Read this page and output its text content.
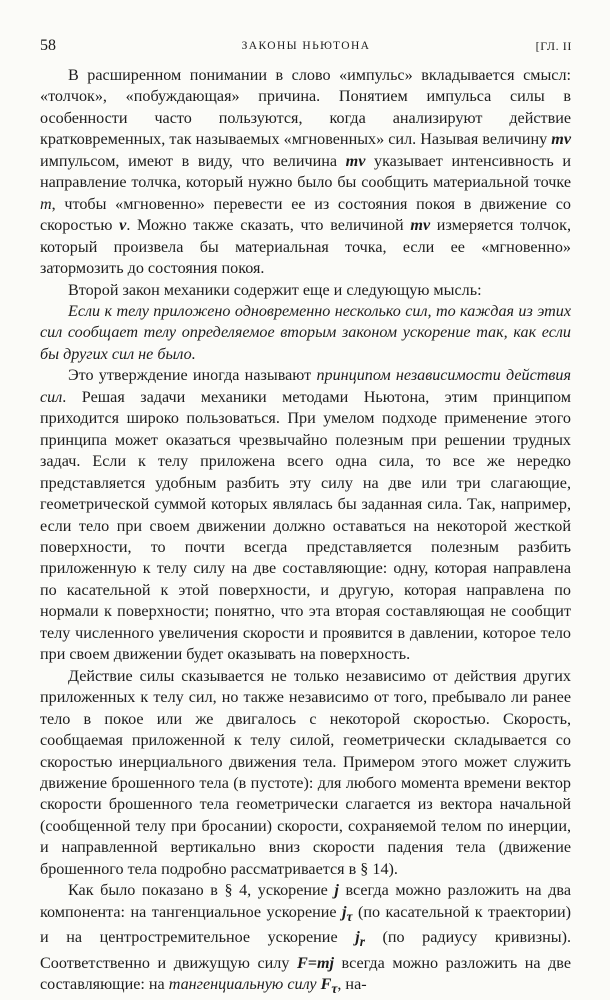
58	ЗАКОНЫ НЬЮТОНА	[ГЛ. II

В расширенном понимании в слово «импульс» вкладывается смысл: «толчок», «побуждающая» причина. Понятием импульса силы в особенности часто пользуются, когда анализируют действие кратковременных, так называемых «мгновенных» сил. Называя величину mv импульсом, имеют в виду, что величина mv указывает интенсивность и направление толчка, который нужно было бы сообщить материальной точке m, чтобы «мгновенно» перевести ее из состояния покоя в движение со скоростью v. Можно также сказать, что величиной mv измеряется толчок, который произвела бы материальная точка, если ее «мгновенно» затормозить до состояния покоя.

Второй закон механики содержит еще и следующую мысль:

Если к телу приложено одновременно несколько сил, то каждая из этих сил сообщает телу определяемое вторым законом ускорение так, как если бы других сил не было.

Это утверждение иногда называют принципом независимости действия сил. Решая задачи механики методами Ньютона, этим принципом приходится широко пользоваться. При умелом подходе применение этого принципа может оказаться чрезвычайно полезным при решении трудных задач. Если к телу приложена всего одна сила, то все же нередко представляется удобным разбить эту силу на две или три слагающие, геометрической суммой которых являлась бы заданная сила. Так, например, если тело при своем движении должно оставаться на некоторой жесткой поверхности, то почти всегда представляется полезным разбить приложенную к телу силу на две составляющие: одну, которая направлена по касательной к этой поверхности, и другую, которая направлена по нормали к поверхности; понятно, что эта вторая составляющая не сообщит телу численного увеличения скорости и проявится в давлении, которое тело при своем движении будет оказывать на поверхность.

Действие силы сказывается не только независимо от действия других приложенных к телу сил, но также независимо от того, пребывало ли ранее тело в покое или же двигалось с некоторой скоростью. Скорость, сообщаемая приложенной к телу силой, геометрически складывается со скоростью инерциального движения тела. Примером этого может служить движение брошенного тела (в пустоте): для любого момента времени вектор скорости брошенного тела геометрически слагается из вектора начальной (сообщенной телу при бросании) скорости, сохраняемой телом по инерции, и направленной вертикально вниз скорости падения тела (движение брошенного тела подробно рассматривается в § 14).

Как было показано в § 4, ускорение j всегда можно разложить на два компонента: на тангенциальное ускорение $j_\tau$ (по касательной к траектории) и на центростремительное ускорение $j_r$ (по радиусу кривизны). Соответственно и движущую силу F=mj всегда можно разложить на две составляющие: на тангенциальную силу $F_\tau$, на-
